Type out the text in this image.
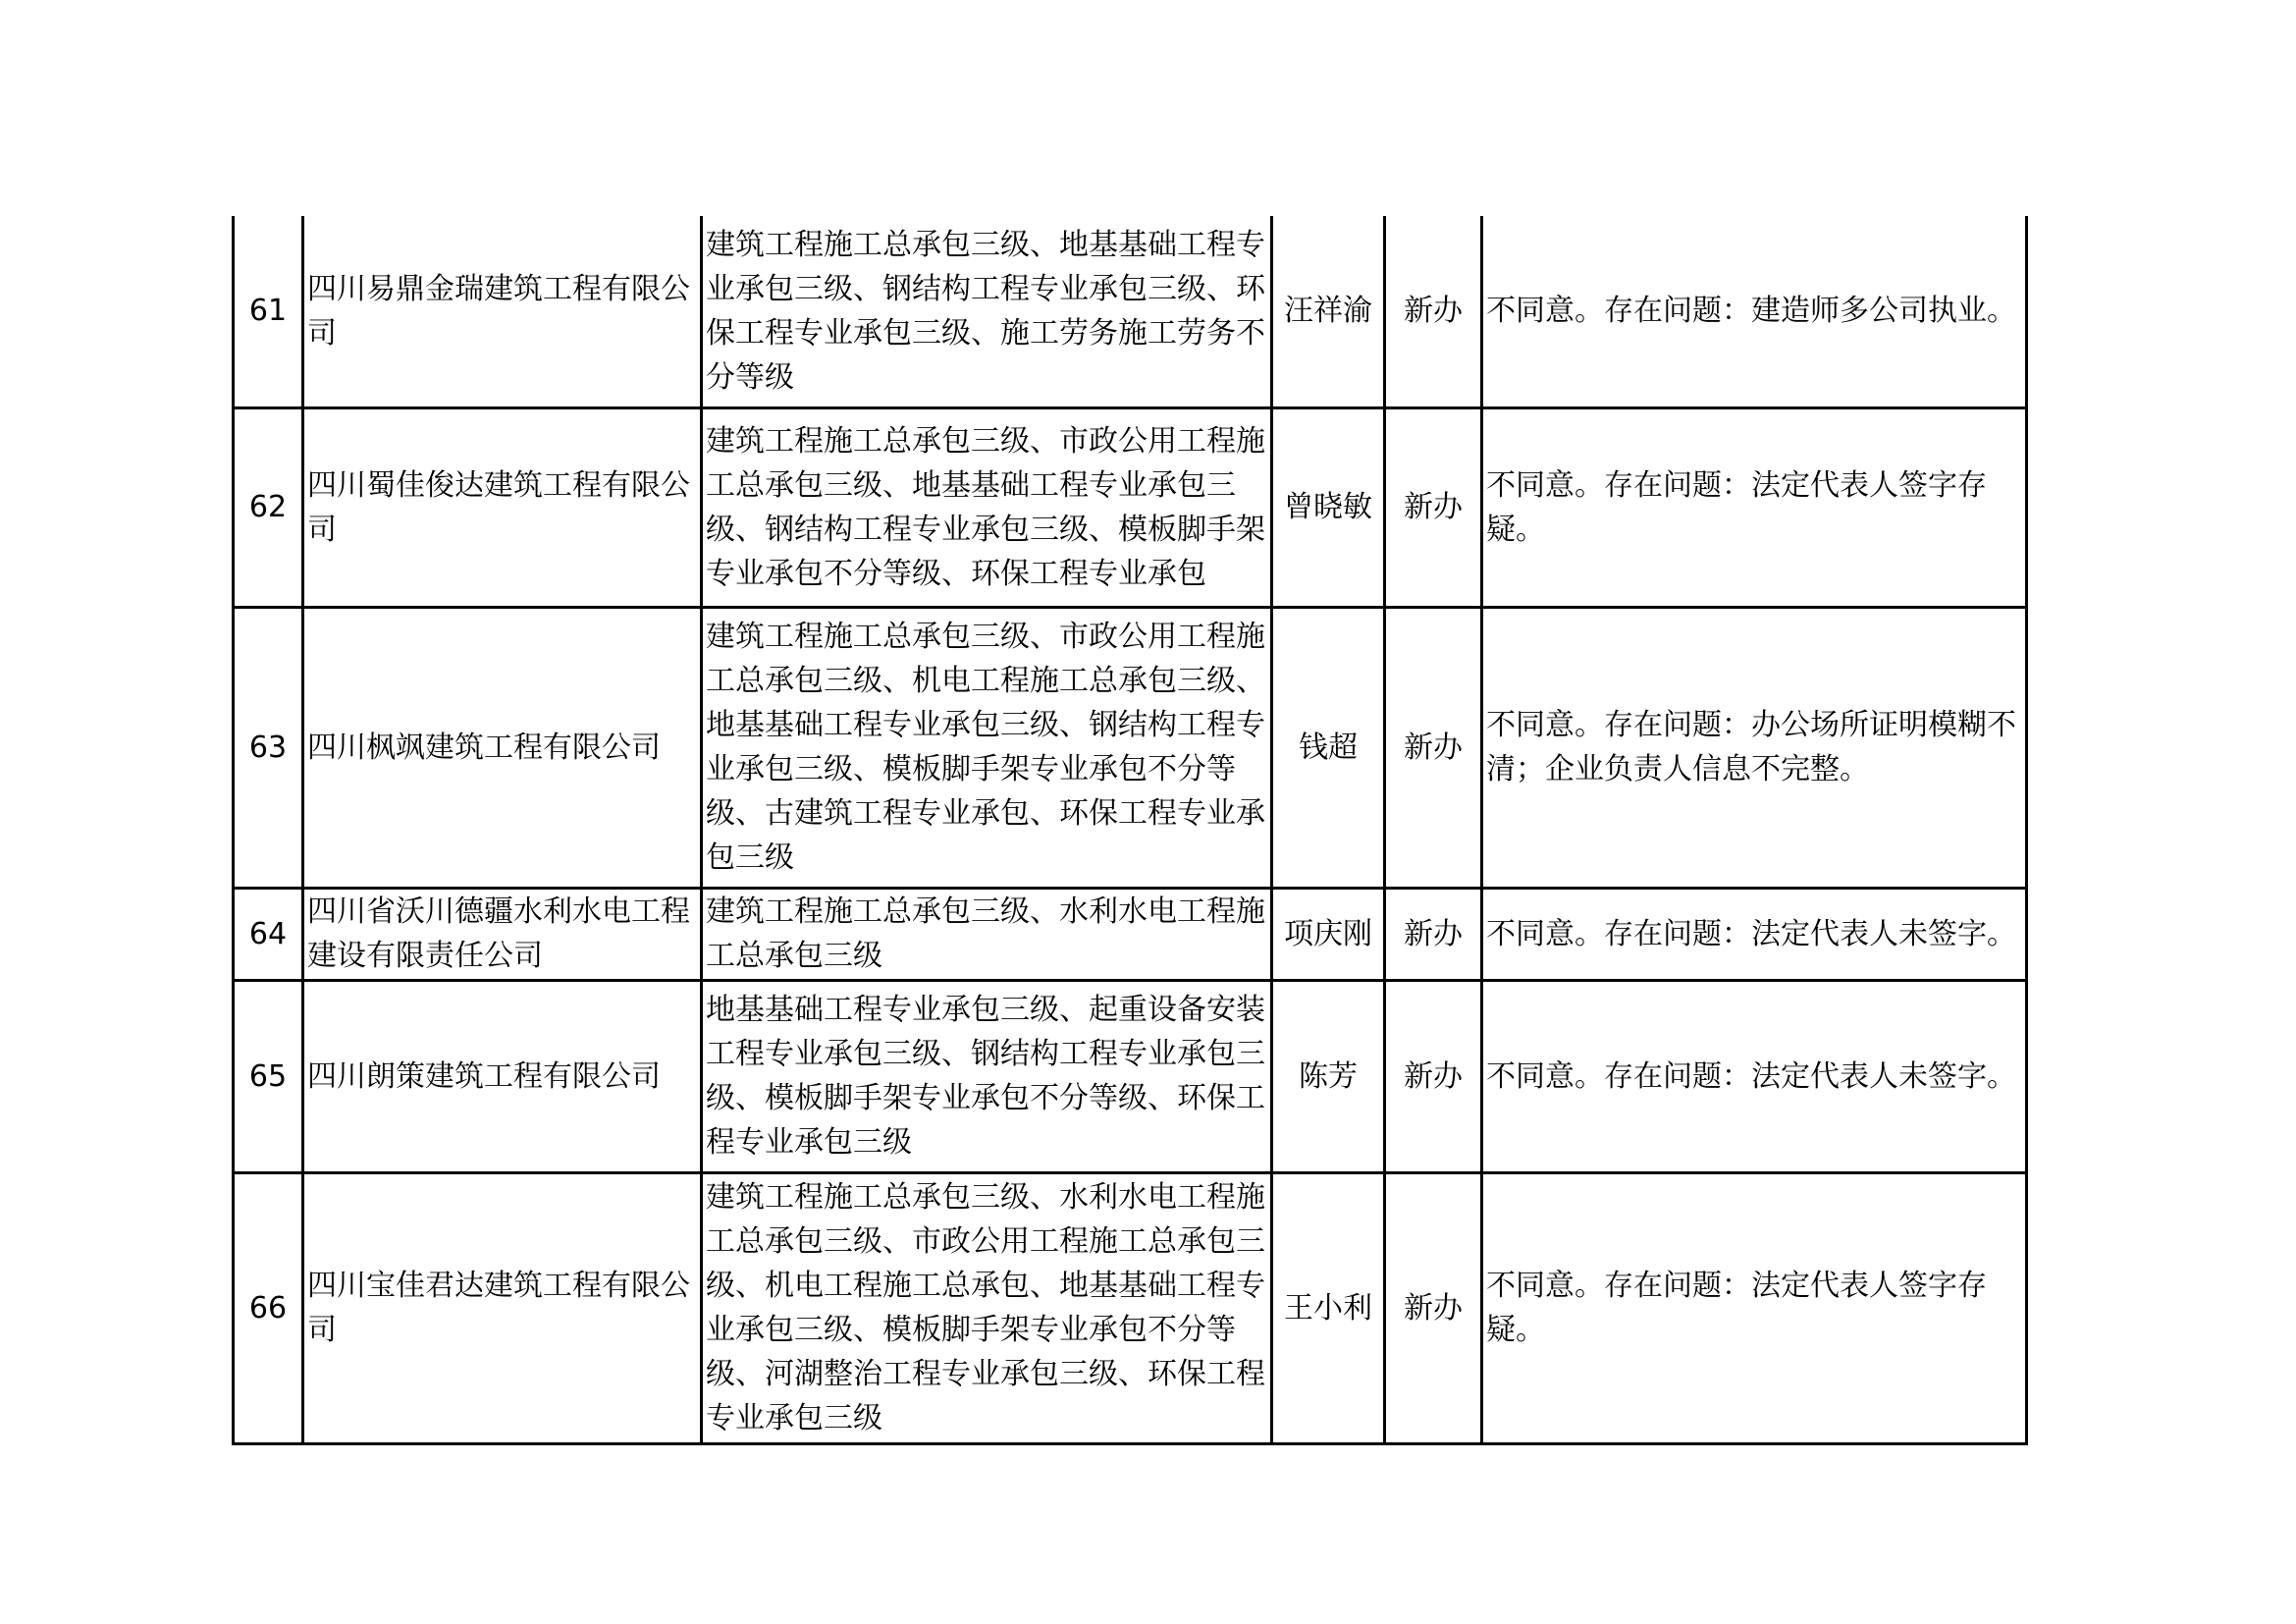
61	四川易鼎金瑞建筑工程有限公司	建筑工程施工总承包三级、地基基础工程专业承包三级、钢结构工程专业承包三级、环保工程专业承包三级、施工劳务施工劳务不分等级	汪祥渝	新办	不同意。存在问题：建造师多公司执业。
62	四川蜀佳俊达建筑工程有限公司	建筑工程施工总承包三级、市政公用工程施工总承包三级、地基基础工程专业承包三级、钢结构工程专业承包三级、模板脚手架专业承包不分等级、环保工程专业承包	曾晓敏	新办	不同意。存在问题：法定代表人签字存疑。
63	四川枫飒建筑工程有限公司	建筑工程施工总承包三级、市政公用工程施工总承包三级、机电工程施工总承包三级、地基基础工程专业承包三级、钢结构工程专业承包三级、模板脚手架专业承包不分等级、古建筑工程专业承包、环保工程专业承包三级	钱超	新办	不同意。存在问题：办公场所证明模糊不清；企业负责人信息不完整。
64	四川省沃川德疆水利水电工程建设有限责任公司	建筑工程施工总承包三级、水利水电工程施工总承包三级	项庆刚	新办	不同意。存在问题：法定代表人未签字。
65	四川朗策建筑工程有限公司	地基基础工程专业承包三级、起重设备安装工程专业承包三级、钢结构工程专业承包三级、模板脚手架专业承包不分等级、环保工程专业承包三级	陈芳	新办	不同意。存在问题：法定代表人未签字。
66	四川宝佳君达建筑工程有限公司	建筑工程施工总承包三级、水利水电工程施工总承包三级、市政公用工程施工总承包三级、机电工程施工总承包、地基基础工程专业承包三级、模板脚手架专业承包不分等级、河湖整治工程专业承包三级、环保工程专业承包三级	王小利	新办	不同意。存在问题：法定代表人签字存疑。
